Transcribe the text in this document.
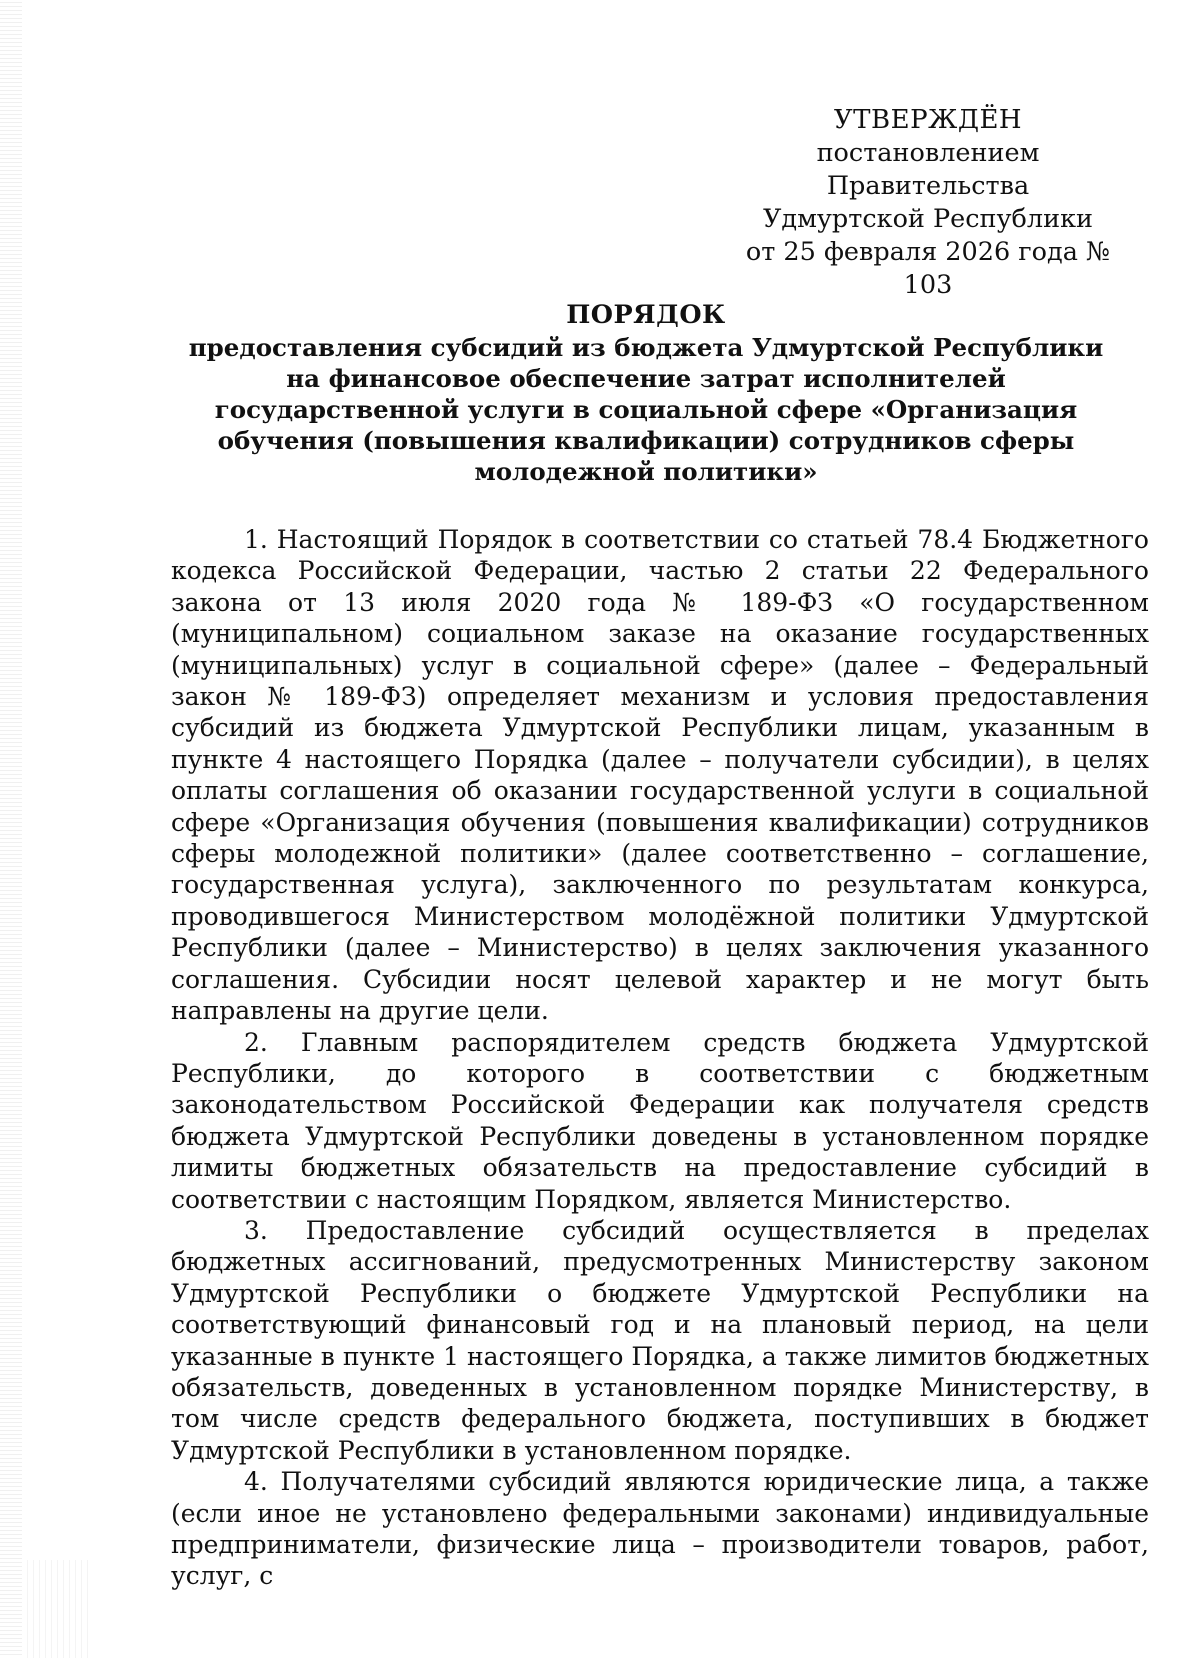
УТВЕРЖДЁН
постановлением Правительства
Удмуртской Республики
от 25 февраля 2026 года № 103
ПОРЯДОК
предоставления субсидий из бюджета Удмуртской Республики на финансовое обеспечение затрат исполнителей государственной услуги в социальной сфере «Организация обучения (повышения квалификации) сотрудников сферы молодежной политики»

1. Настоящий Порядок в соответствии со статьей 78.4 Бюджетного кодекса Российской Федерации, частью 2 статьи 22 Федерального закона от 13 июля 2020 года № 189-ФЗ «О государственном (муниципальном) социальном заказе на оказание государственных (муниципальных) услуг в социальной сфере» (далее – Федеральный закон № 189-ФЗ) определяет механизм и условия предоставления субсидий из бюджета Удмуртской Республики лицам, указанным в пункте 4 настоящего Порядка (далее – получатели субсидии), в целях оплаты соглашения об оказании государственной услуги в социальной сфере «Организация обучения (повышения квалификации) сотрудников сферы молодежной политики» (далее соответственно – соглашение, государственная услуга), заключенного по результатам конкурса, проводившегося Министерством молодёжной политики Удмуртской Республики (далее – Министерство) в целях заключения указанного соглашения. Субсидии носят целевой характер и не могут быть направлены на другие цели.

2. Главным распорядителем средств бюджета Удмуртской Республики, до которого в соответствии с бюджетным законодательством Российской Федерации как получателя средств бюджета Удмуртской Республики доведены в установленном порядке лимиты бюджетных обязательств на предоставление субсидий в соответствии с настоящим Порядком, является Министерство.

3. Предоставление субсидий осуществляется в пределах бюджетных ассигнований, предусмотренных Министерству законом Удмуртской Республики о бюджете Удмуртской Республики на соответствующий финансовый год и на плановый период, на цели указанные в пункте 1 настоящего Порядка, а также лимитов бюджетных обязательств, доведенных в установленном порядке Министерству, в том числе средств федерального бюджета, поступивших в бюджет Удмуртской Республики в установленном порядке.

4. Получателями субсидий являются юридические лица, а также (если иное не установлено федеральными законами) индивидуальные предприниматели, физические лица – производители товаров, работ, услуг, с
